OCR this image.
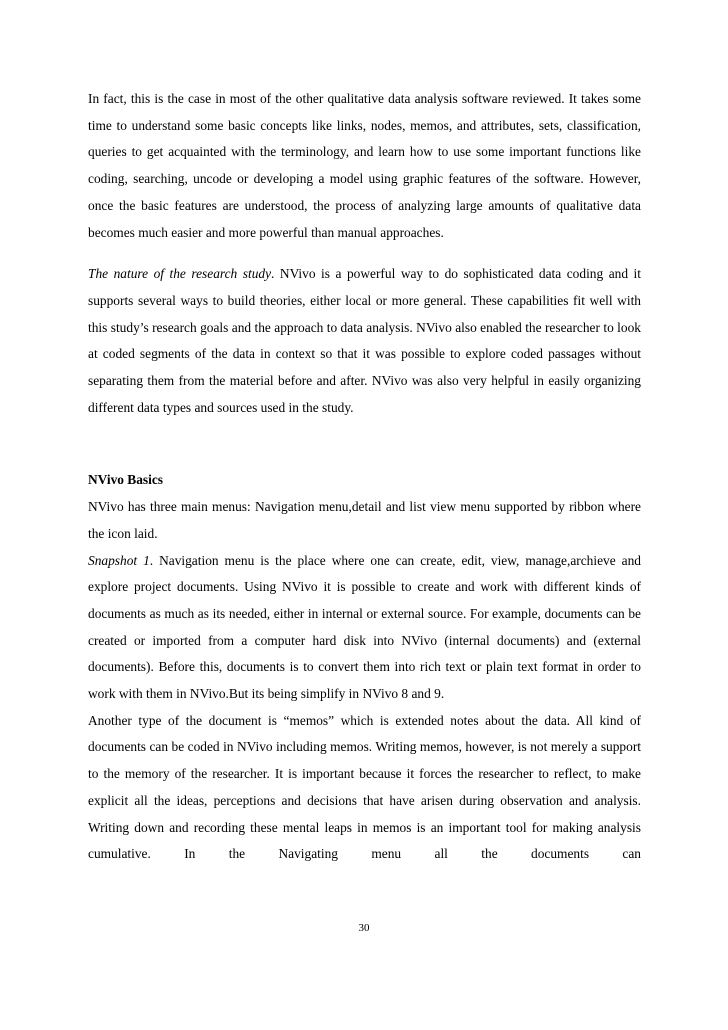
In fact, this is the case in most of the other qualitative data analysis software reviewed. It takes some time to understand some basic concepts like links, nodes, memos, and attributes, sets, classification, queries to get acquainted with the terminology, and learn how to use some important functions like coding, searching, uncode or developing a model using graphic features of the software. However, once the basic features are understood, the process of analyzing large amounts of qualitative data becomes much easier and more powerful than manual approaches.

The nature of the research study. NVivo is a powerful way to do sophisticated data coding and it supports several ways to build theories, either local or more general. These capabilities fit well with this study’s research goals and the approach to data analysis. NVivo also enabled the researcher to look at coded segments of the data in context so that it was possible to explore coded passages without separating them from the material before and after. NVivo was also very helpful in easily organizing different data types and sources used in the study.

NVivo Basics

NVivo has three main menus: Navigation menu,detail and list view menu supported by ribbon where the icon laid.

Snapshot 1. Navigation menu is the place where one can create, edit, view, manage,archieve and explore project documents. Using NVivo it is possible to create and work with different kinds of documents as much as its needed, either in internal or external source. For example, documents can be created or imported from a computer hard disk into NVivo (internal documents) and (external documents). Before this, documents is to convert them into rich text or plain text format in order to work with them in NVivo.But its being simplify in NVivo 8 and 9.

Another type of the document is “memos” which is extended notes about the data. All kind of documents can be coded in NVivo including memos. Writing memos, however, is not merely a support to the memory of the researcher. It is important because it forces the researcher to reflect, to make explicit all the ideas, perceptions and decisions that have arisen during observation and analysis. Writing down and recording these mental leaps in memos is an important tool for making analysis cumulative. In the Navigating menu all the documents can

30
